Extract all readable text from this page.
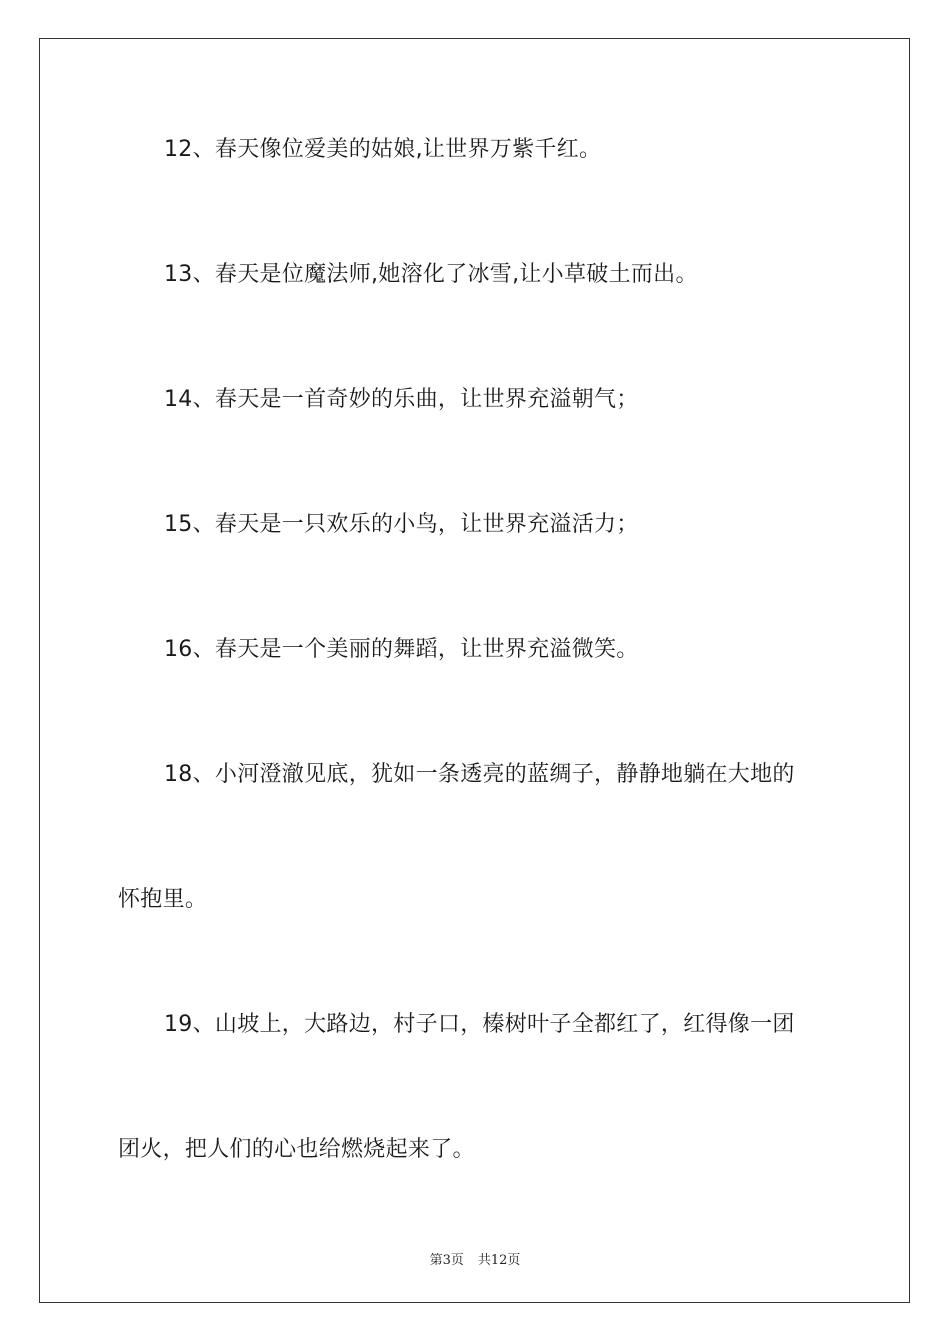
12、春天像位爱美的姑娘,让世界万紫千红。

13、春天是位魔法师,她溶化了冰雪,让小草破土而出。

14、春天是一首奇妙的乐曲，让世界充溢朝气；

15、春天是一只欢乐的小鸟，让世界充溢活力；

16、春天是一个美丽的舞蹈，让世界充溢微笑。

18、小河澄澈见底，犹如一条透亮的蓝绸子，静静地躺在大地的

怀抱里。

19、山坡上，大路边，村子口，榛树叶子全都红了，红得像一团

团火，把人们的心也给燃烧起来了。

第3页 共12页
